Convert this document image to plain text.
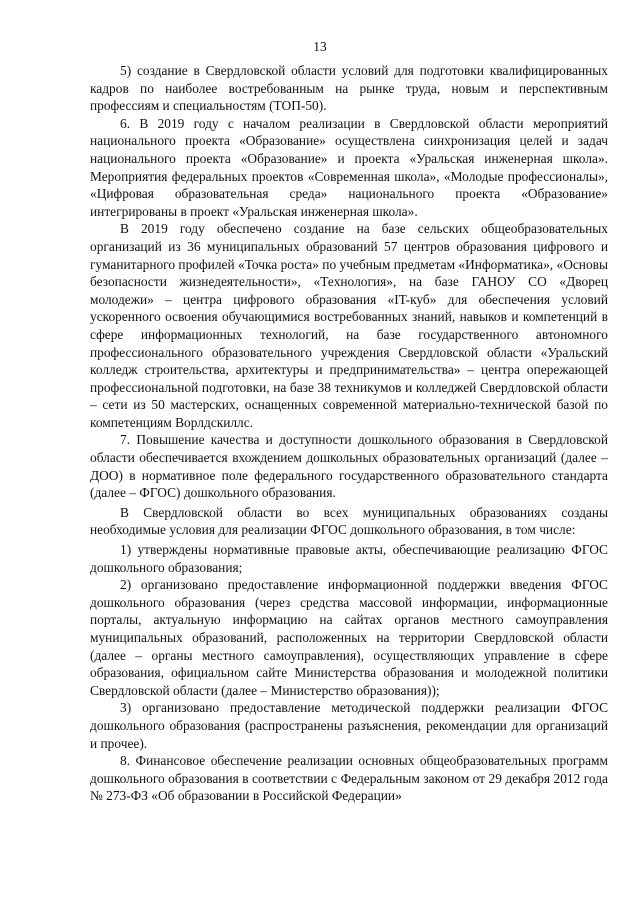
13

5) создание в Свердловской области условий для подготовки квалифицированных кадров по наиболее востребованным на рынке труда, новым и перспективным профессиям и специальностям (ТОП-50).

6. В 2019 году с началом реализации в Свердловской области мероприятий национального проекта «Образование» осуществлена синхронизация целей и задач национального проекта «Образование» и проекта «Уральская инженерная школа». Мероприятия федеральных проектов «Современная школа», «Молодые профессионалы», «Цифровая образовательная среда» национального проекта «Образование» интегрированы в проект «Уральская инженерная школа».

В 2019 году обеспечено создание на базе сельских общеобразовательных организаций из 36 муниципальных образований 57 центров образования цифрового и гуманитарного профилей «Точка роста» по учебным предметам «Информатика», «Основы безопасности жизнедеятельности», «Технология», на базе ГАНОУ СО «Дворец молодежи» – центра цифрового образования «IT-куб» для обеспечения условий ускоренного освоения обучающимися востребованных знаний, навыков и компетенций в сфере информационных технологий, на базе государственного автономного профессионального образовательного учреждения Свердловской области «Уральский колледж строительства, архитектуры и предпринимательства» – центра опережающей профессиональной подготовки, на базе 38 техникумов и колледжей Свердловской области – сети из 50 мастерских, оснащенных современной материально-технической базой по компетенциям Ворлдскиллс.

7. Повышение качества и доступности дошкольного образования в Свердловской области обеспечивается вхождением дошкольных образовательных организаций (далее – ДОО) в нормативное поле федерального государственного образовательного стандарта (далее – ФГОС) дошкольного образования.

В Свердловской области во всех муниципальных образованиях созданы необходимые условия для реализации ФГОС дошкольного образования, в том числе:

1) утверждены нормативные правовые акты, обеспечивающие реализацию ФГОС дошкольного образования;

2) организовано предоставление информационной поддержки введения ФГОС дошкольного образования (через средства массовой информации, информационные порталы, актуальную информацию на сайтах органов местного самоуправления муниципальных образований, расположенных на территории Свердловской области (далее – органы местного самоуправления), осуществляющих управление в сфере образования, официальном сайте Министерства образования и молодежной политики Свердловской области (далее – Министерство образования));

3) организовано предоставление методической поддержки реализации ФГОС дошкольного образования (распространены разъяснения, рекомендации для организаций и прочее).

8. Финансовое обеспечение реализации основных общеобразовательных программ дошкольного образования в соответствии с Федеральным законом от 29 декабря 2012 года № 273-ФЗ «Об образовании в Российской Федерации»
